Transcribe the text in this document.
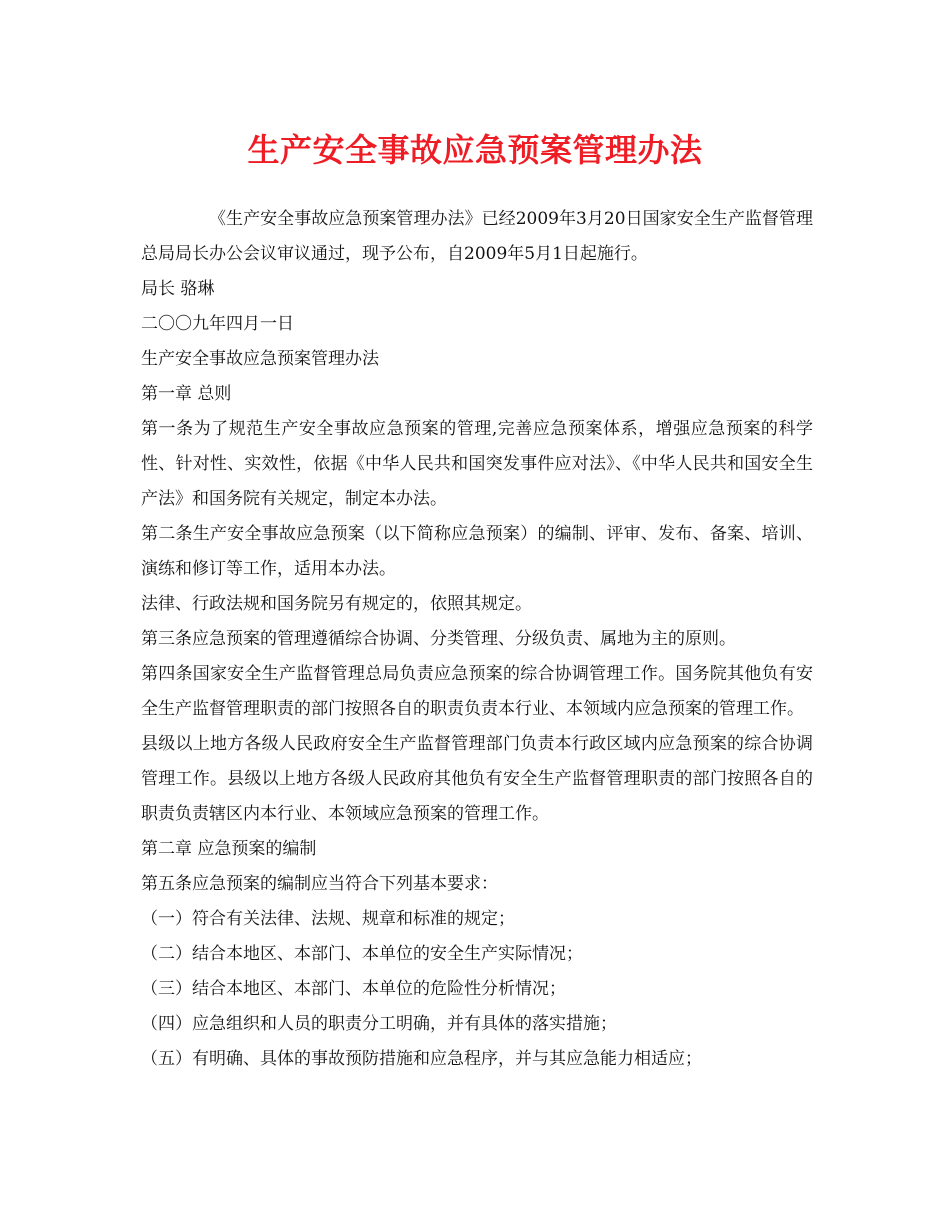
生产安全事故应急预案管理办法

《生产安全事故应急预案管理办法》已经2009年3月20日国家安全生产监督管理总局局长办公会议审议通过，现予公布，自2009年5月1日起施行。

局长 骆琳

二〇〇九年四月一日

生产安全事故应急预案管理办法

第一章 总则

第一条为了规范生产安全事故应急预案的管理,完善应急预案体系，增强应急预案的科学性、针对性、实效性，依据《中华人民共和国突发事件应对法》、《中华人民共和国安全生产法》和国务院有关规定，制定本办法。

第二条生产安全事故应急预案（以下简称应急预案）的编制、评审、发布、备案、培训、演练和修订等工作，适用本办法。

法律、行政法规和国务院另有规定的，依照其规定。

第三条应急预案的管理遵循综合协调、分类管理、分级负责、属地为主的原则。

第四条国家安全生产监督管理总局负责应急预案的综合协调管理工作。国务院其他负有安全生产监督管理职责的部门按照各自的职责负责本行业、本领域内应急预案的管理工作。

县级以上地方各级人民政府安全生产监督管理部门负责本行政区域内应急预案的综合协调管理工作。县级以上地方各级人民政府其他负有安全生产监督管理职责的部门按照各自的职责负责辖区内本行业、本领域应急预案的管理工作。

第二章 应急预案的编制

第五条应急预案的编制应当符合下列基本要求：

（一）符合有关法律、法规、规章和标准的规定；

（二）结合本地区、本部门、本单位的安全生产实际情况；

（三）结合本地区、本部门、本单位的危险性分析情况；

（四）应急组织和人员的职责分工明确，并有具体的落实措施；

（五）有明确、具体的事故预防措施和应急程序，并与其应急能力相适应；
